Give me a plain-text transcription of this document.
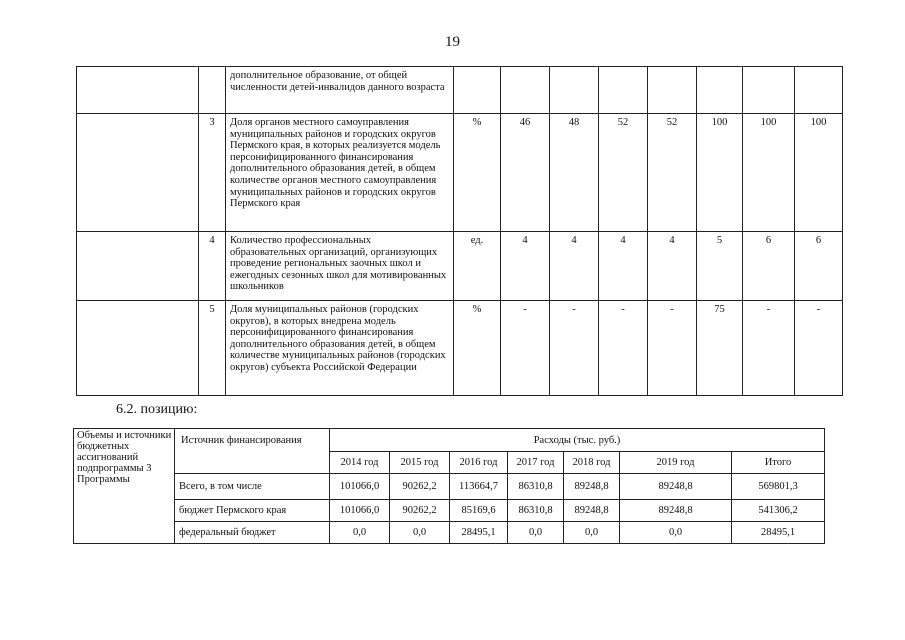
19
		дополнительное образование, от общей численности детей-инвалидов данного возраста								
	3	Доля органов местного самоуправления муниципальных районов и городских округов Пермского края, в которых реализуется модель персонифицированного финансирования дополнительного образования детей, в общем количестве органов местного самоуправления муниципальных районов и городских округов Пермского края	%	46	48	52	52	100	100	100
	4	Количество профессиональных образовательных организаций, организующих проведение региональных заочных школ и ежегодных сезонных школ для мотивированных школьников	ед.	4	4	4	4	5	6	6
	5	Доля муниципальных районов (городских округов), в которых внедрена модель персонифицированного финансирования дополнительного образования детей, в общем количестве муниципальных районов (городских округов) субъекта Российской Федерации	%	-	-	-	-	75	-	-
6.2. позицию:
Объемы и источники бюджетных ассигнований подпрограммы 3 Программы	Источник финансирования	Расходы (тыс. руб.)						
		2014 год	2015 год	2016 год	2017 год	2018 год	2019 год	Итого
	Всего, в том числе	101066,0	90262,2	113664,7	86310,8	89248,8	89248,8	569801,3
	бюджет Пермского края	101066,0	90262,2	85169,6	86310,8	89248,8	89248,8	541306,2
	федеральный бюджет	0,0	0,0	28495,1	0,0	0,0	0,0	28495,1
